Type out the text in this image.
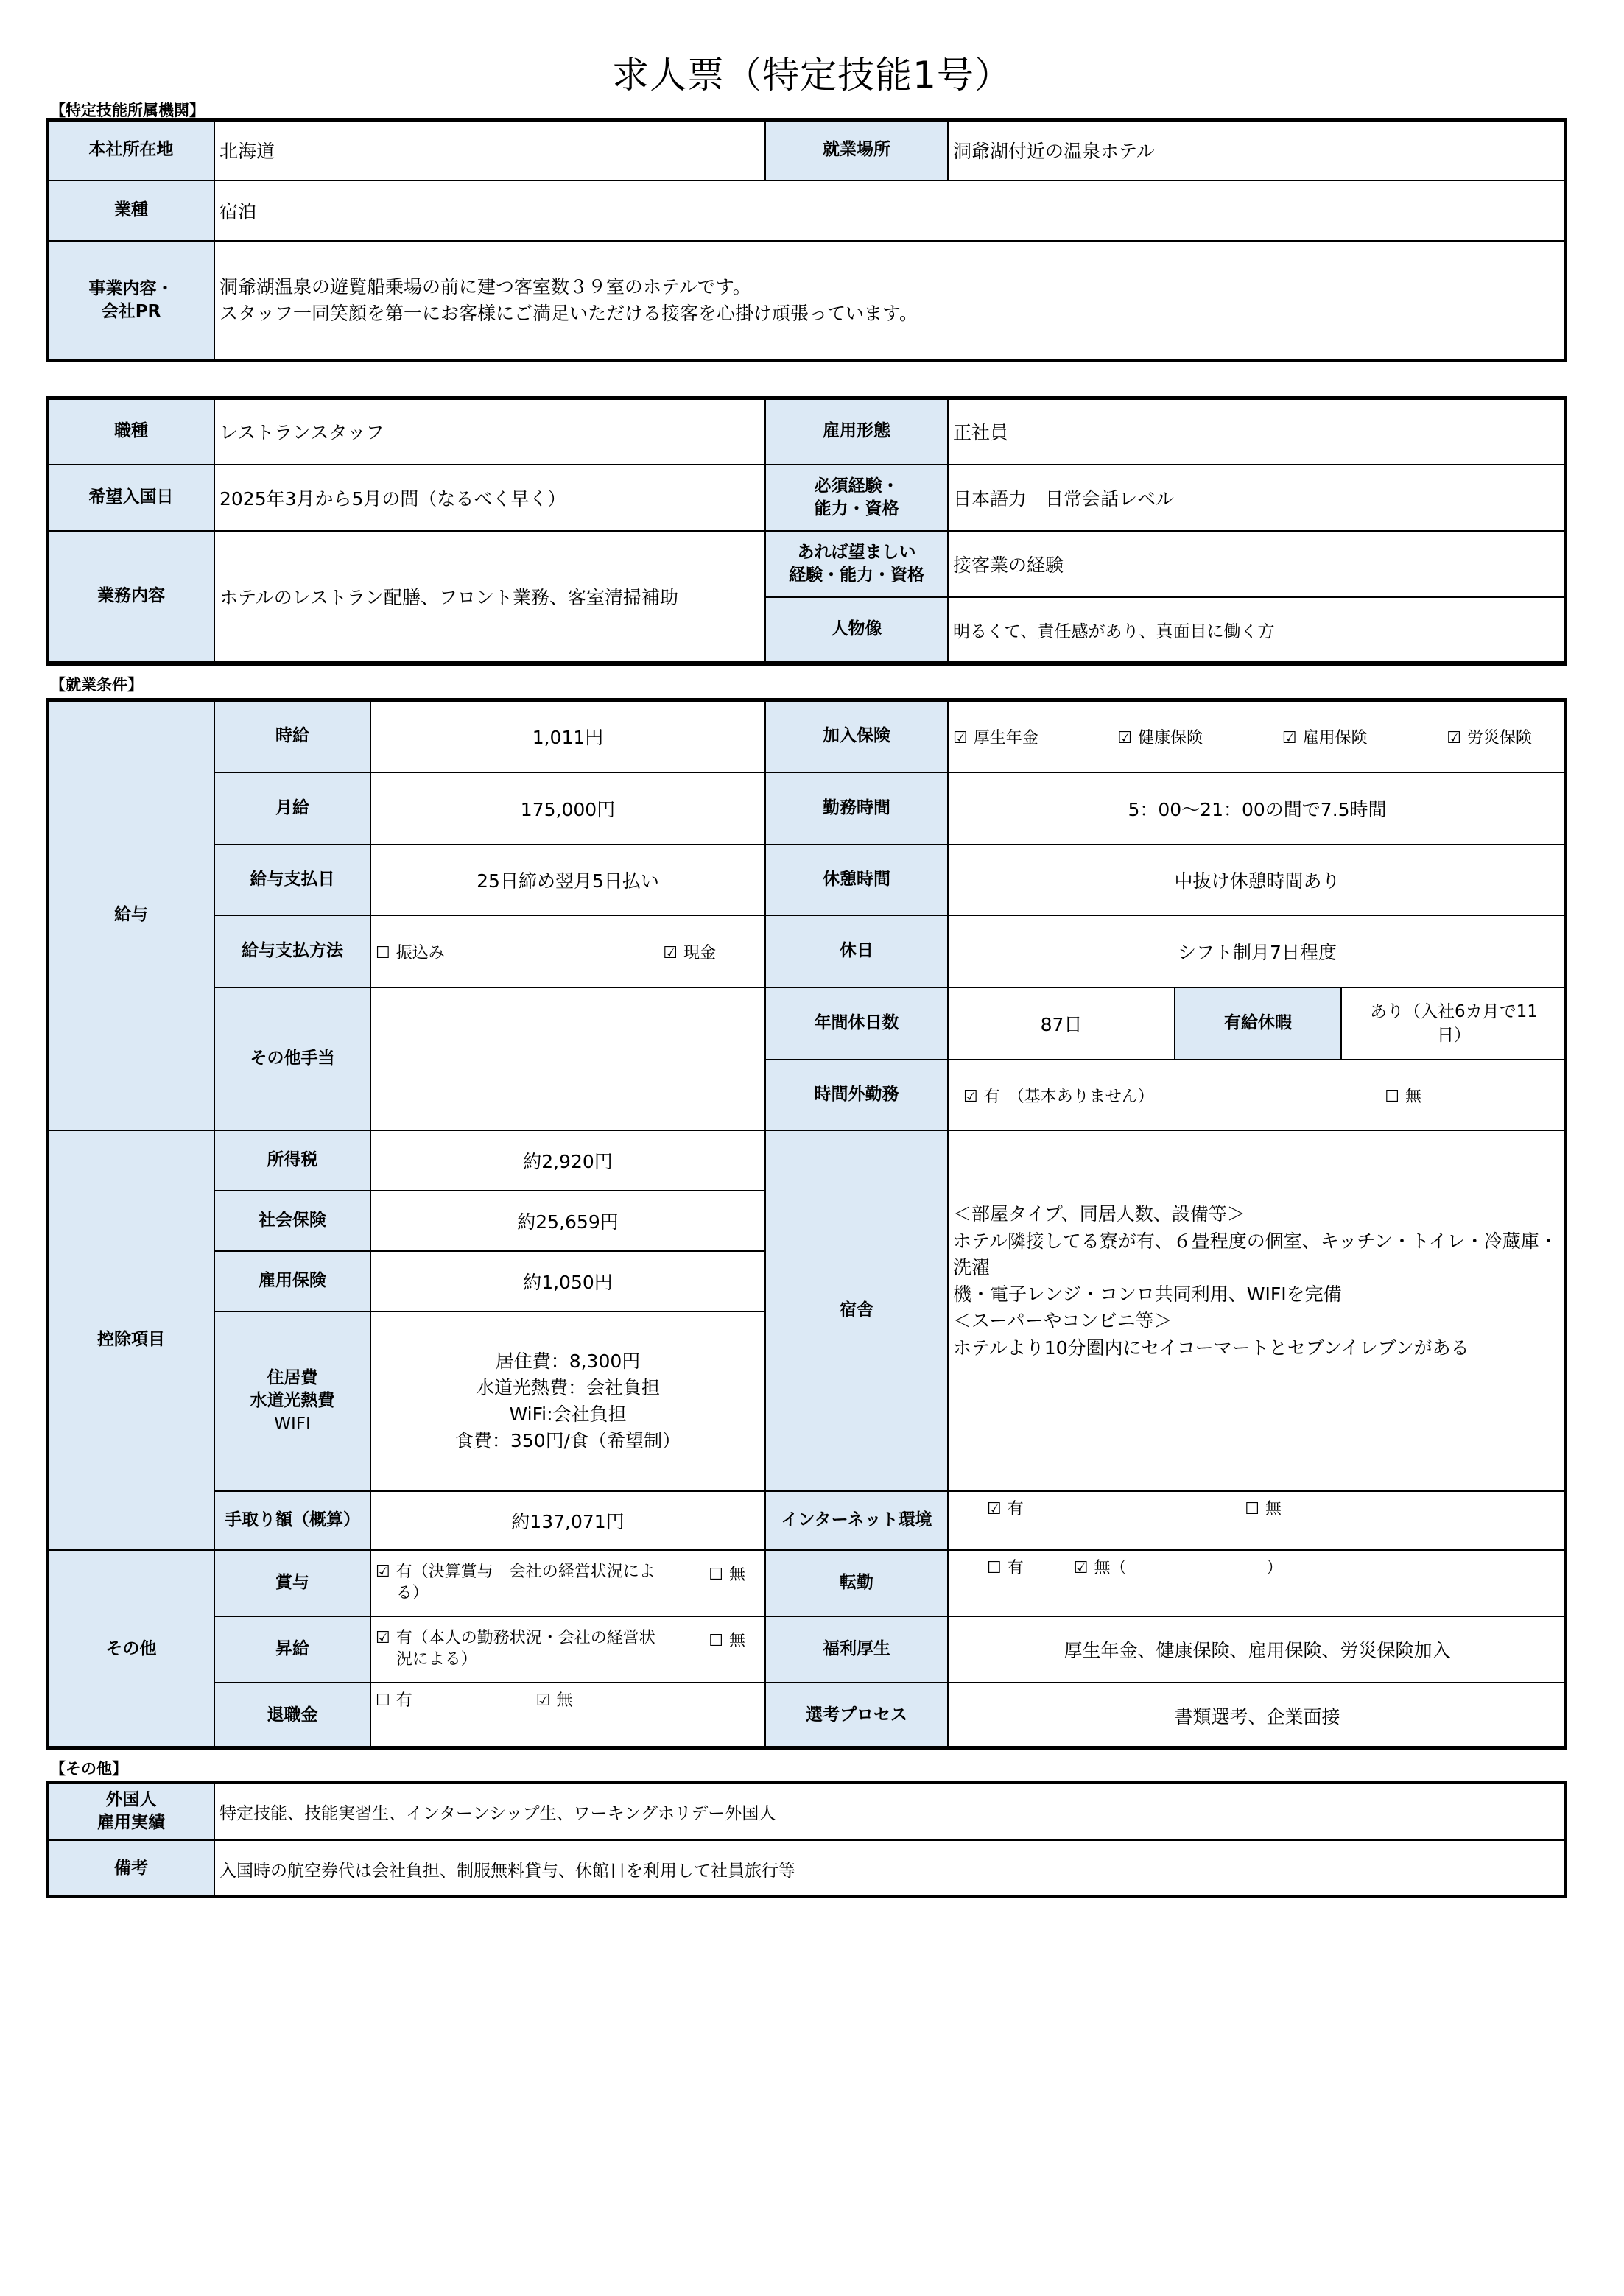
求人票（特定技能1号）
【特定技能所属機関】
本社所在地	北海道	就業場所	洞爺湖付近の温泉ホテル
業種	宿泊		
事業内容・
会社PR	洞爺湖温泉の遊覧船乗場の前に建つ客室数３９室のホテルです。
スタッフ一同笑顔を第一にお客様にご満足いただける接客を心掛け頑張っています。		
職種	レストランスタッフ	雇用形態	正社員
希望入国日	2025年3月から5月の間（なるべく早く）	必須経験・
能力・資格	日本語力　日常会話レベル
業務内容	ホテルのレストラン配膳、フロント業務、客室清掃補助	あれば望ましい
経験・能力・資格	接客業の経験
		人物像	明るくて、責任感があり、真面目に働く方
【就業条件】
給与	時給	1,011円	加入保険	☑ 厚生年金 ☑ 健康保険 ☑ 雇用保険 ☑ 労災保険		

	月給	175,000円	勤務時間	5：00～21：00の間で7.5時間		
	給与支払日	25日締め翌月5日払い	休憩時間	中抜け休憩時間あり		
	給与支払方法	☐ 振込み ☑ 現金	休日	シフト制月7日程度		
	その他手当		年間休日数	87日	有給休暇	あり（入社6カ月で11
日）
			時間外勤務	☑ 有　（基本ありません） ☐ 無		

控除項目	所得税	約2,920円	宿舎	＜部屋タイプ、同居人数、設備等＞
ホテル隣接してる寮が有、６畳程度の個室、キッチン・トイレ・冷蔵庫・洗濯
機・電子レンジ・コンロ共同利用、WIFIを完備
＜スーパーやコンビニ等＞
ホテルより10分圏内にセイコーマートとセブンイレブンがある		
	社会保険	約25,659円				
	雇用保険	約1,050円				
	住居費
水道光熱費
WIFI	居住費：8,300円
水道光熱費：会社負担
WiFi:会社負担
食費：350円/食（希望制）				
	手取り額（概算）	約137,071円	インターネット環境	☑ 有 ☐ 無		

その他	賞与	☑ 有（決算賞与　会社の経営状況によ
る）
☐ 無	転勤	☐ 有 ☑ 無（ ）		

	昇給	☑ 有（本人の勤務状況・会社の経営状
況による）
☐ 無	福利厚生	厚生年金、健康保険、雇用保険、労災保険加入		
	退職金	☐ 有 ☑ 無	選考プロセス	書類選考、企業面接		
【その他】
外国人
雇用実績	特定技能、技能実習生、インターンシップ生、ワーキングホリデー外国人
備考	入国時の航空券代は会社負担、制服無料貸与、休館日を利用して社員旅行等
